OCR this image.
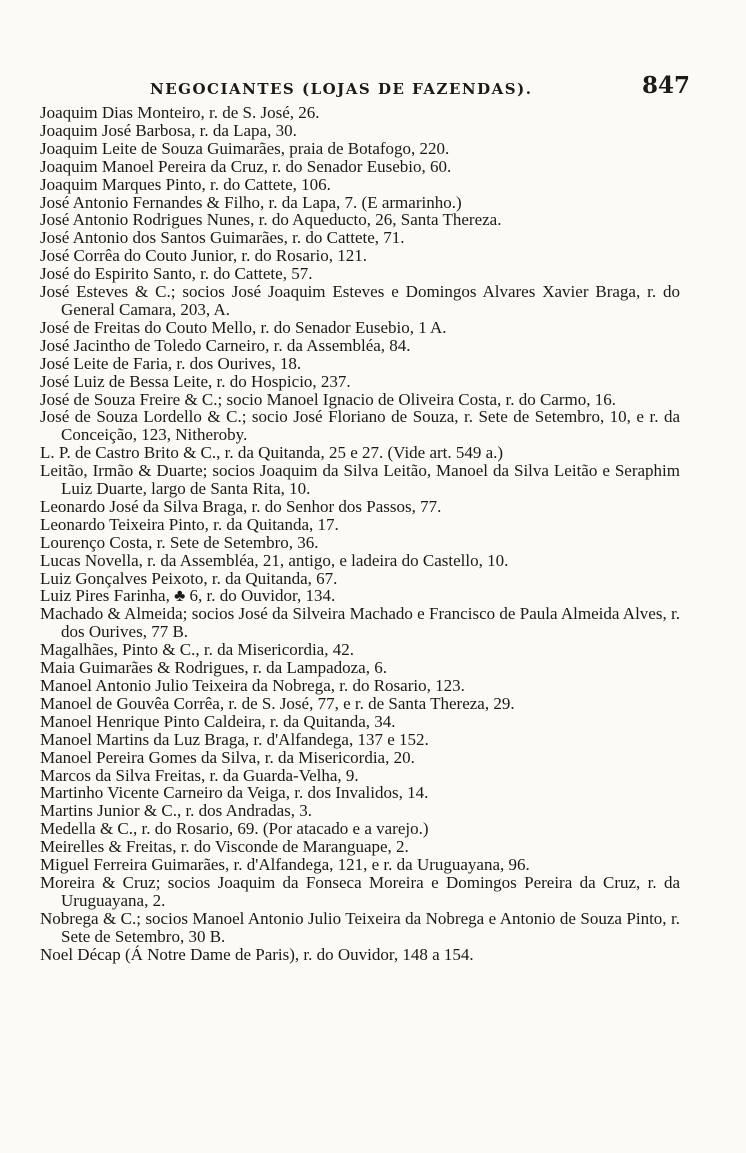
NEGOCIANTES (LOJAS DE FAZENDAS).	847
Joaquim Dias Monteiro, r. de S. José, 26.
Joaquim José Barbosa, r. da Lapa, 30.
Joaquim Leite de Souza Guimarães, praia de Botafogo, 220.
Joaquim Manoel Pereira da Cruz, r. do Senador Eusebio, 60.
Joaquim Marques Pinto, r. do Cattete, 106.
José Antonio Fernandes & Filho, r. da Lapa, 7. (E armarinho.)
José Antonio Rodrigues Nunes, r. do Aqueducto, 26, Santa Thereza.
José Antonio dos Santos Guimarães, r. do Cattete, 71.
José Corrêa do Couto Junior, r. do Rosario, 121.
José do Espirito Santo, r. do Cattete, 57.
José Esteves & C.; socios José Joaquim Esteves e Domingos Alvares Xavier Braga, r. do General Camara, 203, A.
José de Freitas do Couto Mello, r. do Senador Eusebio, 1 A.
José Jacintho de Toledo Carneiro, r. da Assembléa, 84.
José Leite de Faria, r. dos Ourives, 18.
José Luiz de Bessa Leite, r. do Hospicio, 237.
José de Souza Freire & C.; socio Manoel Ignacio de Oliveira Costa, r. do Carmo, 16.
José de Souza Lordello & C.; socio José Floriano de Souza, r. Sete de Setembro, 10, e r. da Conceição, 123, Nitheroby.
L. P. de Castro Brito & C., r. da Quitanda, 25 e 27. (Vide art. 549 a.)
Leitão, Irmão & Duarte; socios Joaquim da Silva Leitão, Manoel da Silva Leitão e Seraphim Luiz Duarte, largo de Santa Rita, 10.
Leonardo José da Silva Braga, r. do Senhor dos Passos, 77.
Leonardo Teixeira Pinto, r. da Quitanda, 17.
Lourenço Costa, r. Sete de Setembro, 36.
Lucas Novella, r. da Assembléa, 21, antigo, e ladeira do Castello, 10.
Luiz Gonçalves Peixoto, r. da Quitanda, 67.
Luiz Pires Farinha, ♣ 6, r. do Ouvidor, 134.
Machado & Almeida; socios José da Silveira Machado e Francisco de Paula Almeida Alves, r. dos Ourives, 77 B.
Magalhães, Pinto & C., r. da Misericordia, 42.
Maia Guimarães & Rodrigues, r. da Lampadoza, 6.
Manoel Antonio Julio Teixeira da Nobrega, r. do Rosario, 123.
Manoel de Gouvêa Corrêa, r. de S. José, 77, e r. de Santa Thereza, 29.
Manoel Henrique Pinto Caldeira, r. da Quitanda, 34.
Manoel Martins da Luz Braga, r. d'Alfandega, 137 e 152.
Manoel Pereira Gomes da Silva, r. da Misericordia, 20.
Marcos da Silva Freitas, r. da Guarda-Velha, 9.
Martinho Vicente Carneiro da Veiga, r. dos Invalidos, 14.
Martins Junior & C., r. dos Andradas, 3.
Medella & C., r. do Rosario, 69. (Por atacado e a varejo.)
Meirelles & Freitas, r. do Visconde de Maranguape, 2.
Miguel Ferreira Guimarães, r. d'Alfandega, 121, e r. da Uruguayana, 96.
Moreira & Cruz; socios Joaquim da Fonseca Moreira e Domingos Pereira da Cruz, r. da Uruguayana, 2.
Nobrega & C.; socios Manoel Antonio Julio Teixeira da Nobrega e Antonio de Souza Pinto, r. Sete de Setembro, 30 B.
Noel Décap (Á Notre Dame de Paris), r. do Ouvidor, 148 a 154.
